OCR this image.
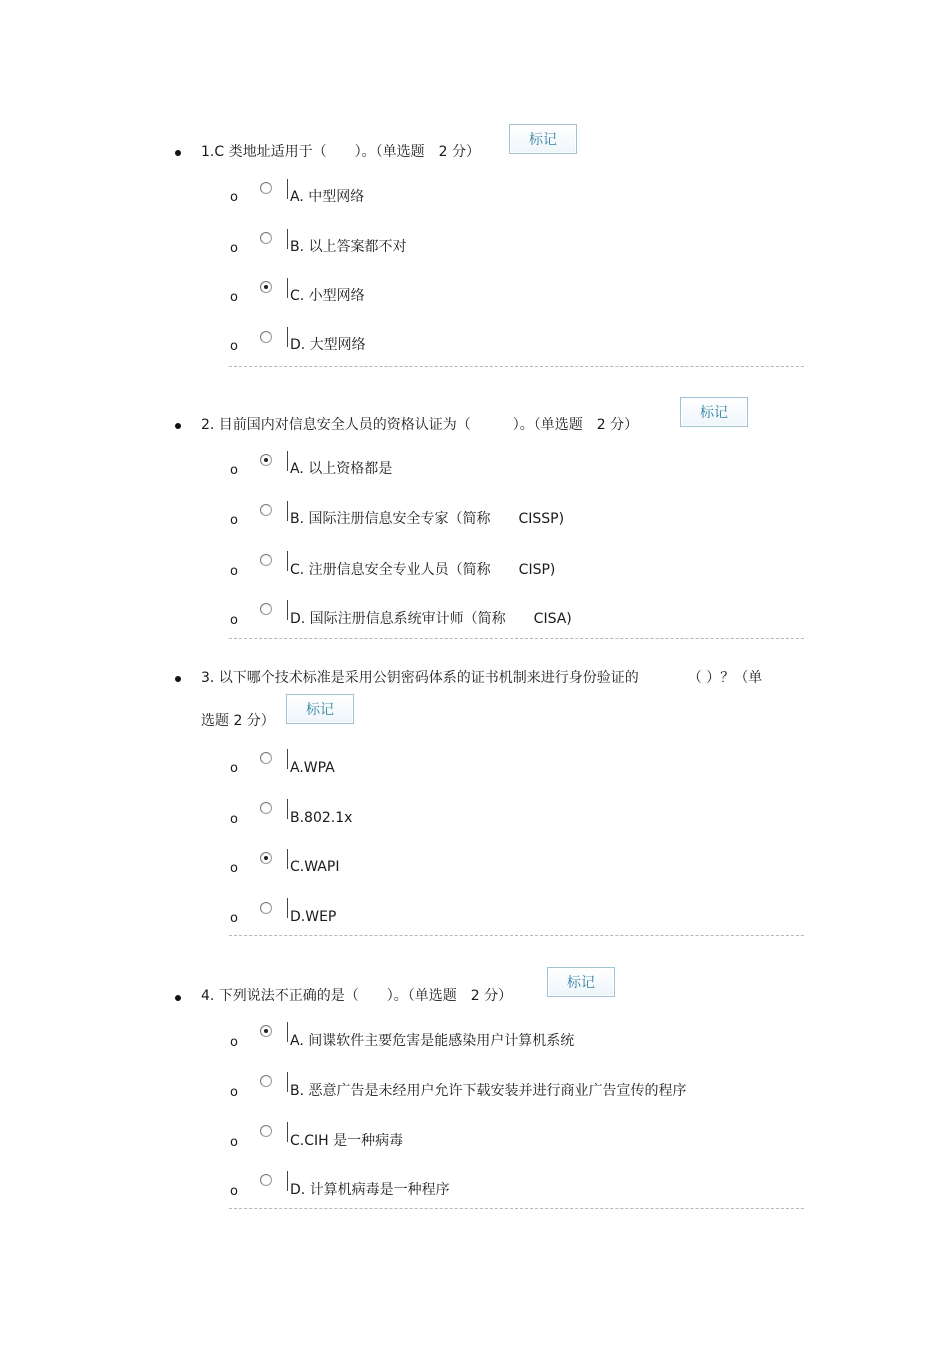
1.C 类地址适用于（　　）。（单选题　2 分）
标记
o	A. 中型网络
o	B. 以上答案都不对
o	C. 小型网络
o	D. 大型网络
2. 目前国内对信息安全人员的资格认证为（　　　）。（单选题　2 分）
标记
o	A. 以上资格都是
o	B. 国际注册信息安全专家（简称　　CISSP)
o	C. 注册信息安全专业人员（简称　　CISP)
o	D. 国际注册信息系统审计师（简称　　CISA)
3. 以下哪个技术标准是采用公钥密码体系的证书机制来进行身份验证的　　　　（ ）？（单
选题 2 分）
标记
o	A.WPA
o	B.802.1x
o	C.WAPI
o	D.WEP
4. 下列说法不正确的是（　　）。（单选题　2 分）
标记
o	A. 间谍软件主要危害是能感染用户计算机系统
o	B. 恶意广告是未经用户允许下载安装并进行商业广告宣传的程序
o	C.CIH 是一种病毒
o	D. 计算机病毒是一种程序
